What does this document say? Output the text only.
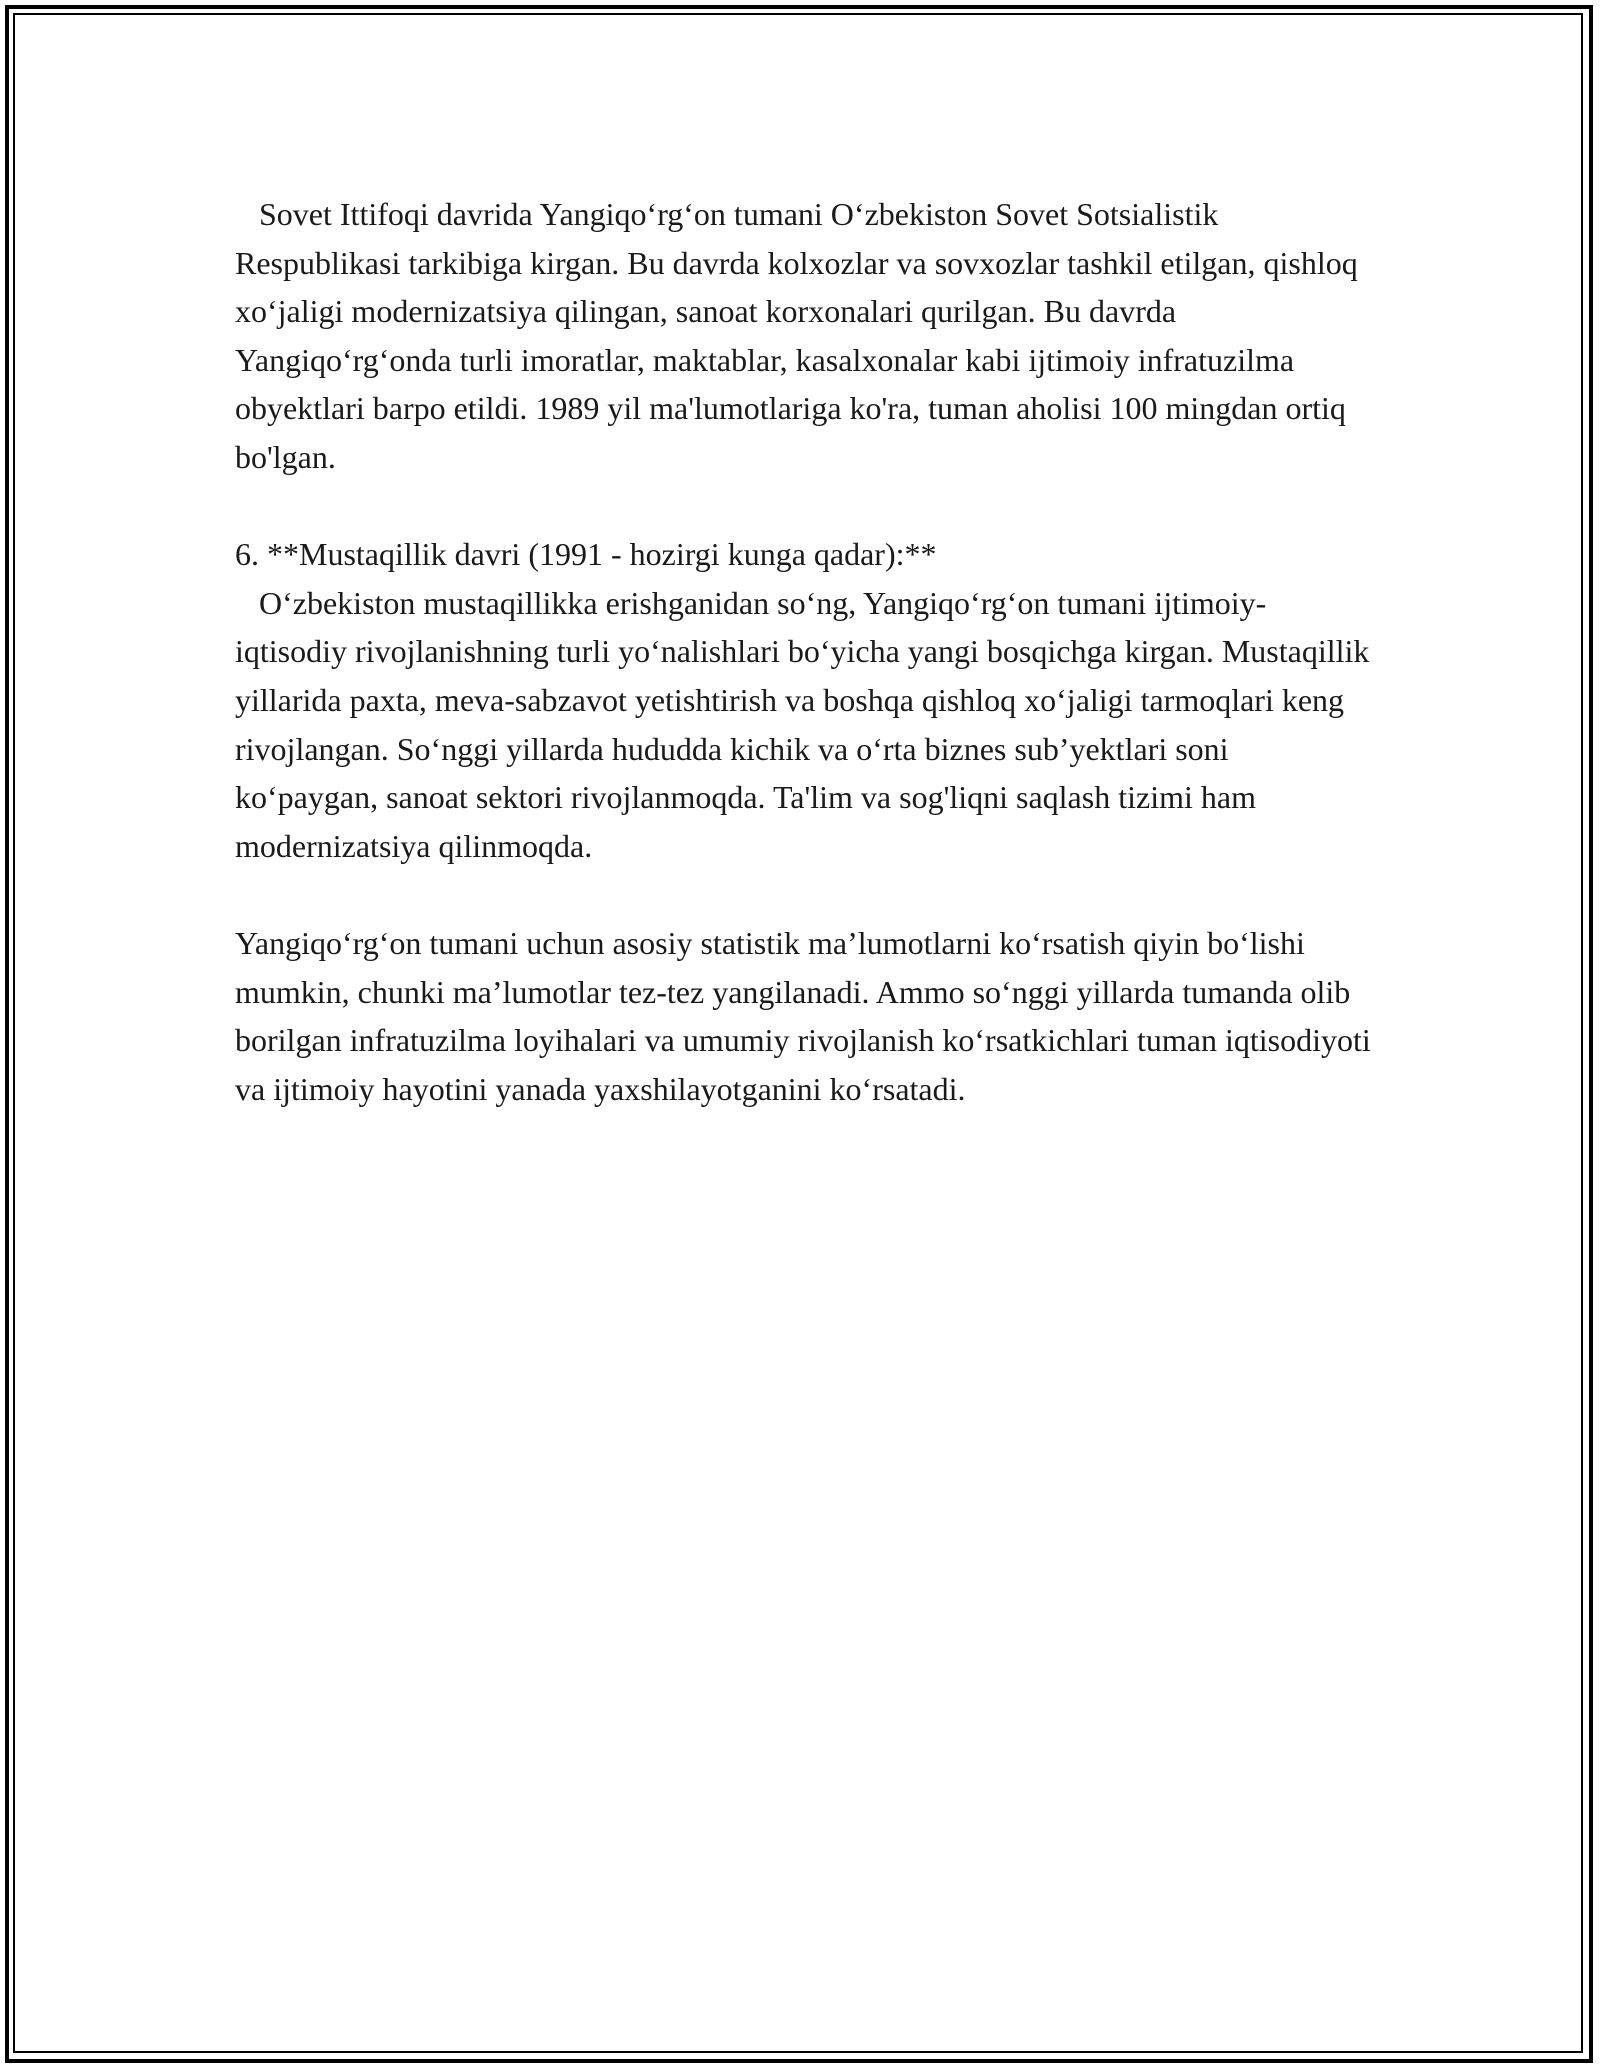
Sovet Ittifoqi davrida Yangiqo‘rg‘on tumani O‘zbekiston Sovet Sotsialistik Respublikasi tarkibiga kirgan. Bu davrda kolxozlar va sovxozlar tashkil etilgan, qishloq xo‘jaligi modernizatsiya qilingan, sanoat korxonalari qurilgan. Bu davrda Yangiqo‘rg‘onda turli imoratlar, maktablar, kasalxonalar kabi ijtimoiy infratuzilma obyektlari barpo etildi. 1989 yil ma'lumotlariga ko'ra, tuman aholisi 100 mingdan ortiq bo'lgan.

6. **Mustaqillik davri (1991 - hozirgi kunga qadar):**

O‘zbekiston mustaqillikka erishganidan so‘ng, Yangiqo‘rg‘on tumani ijtimoiy-iqtisodiy rivojlanishning turli yo‘nalishlari bo‘yicha yangi bosqichga kirgan. Mustaqillik yillarida paxta, meva-sabzavot yetishtirish va boshqa qishloq xo‘jaligi tarmoqlari keng rivojlangan. So‘nggi yillarda hududda kichik va o‘rta biznes sub’yektlari soni ko‘paygan, sanoat sektori rivojlanmoqda. Ta'lim va sog'liqni saqlash tizimi ham modernizatsiya qilinmoqda.

Yangiqo‘rg‘on tumani uchun asosiy statistik ma’lumotlarni ko‘rsatish qiyin bo‘lishi mumkin, chunki ma’lumotlar tez-tez yangilanadi. Ammo so‘nggi yillarda tumanda olib borilgan infratuzilma loyihalari va umumiy rivojlanish ko‘rsatkichlari tuman iqtisodiyoti va ijtimoiy hayotini yanada yaxshilayotganini ko‘rsatadi.
